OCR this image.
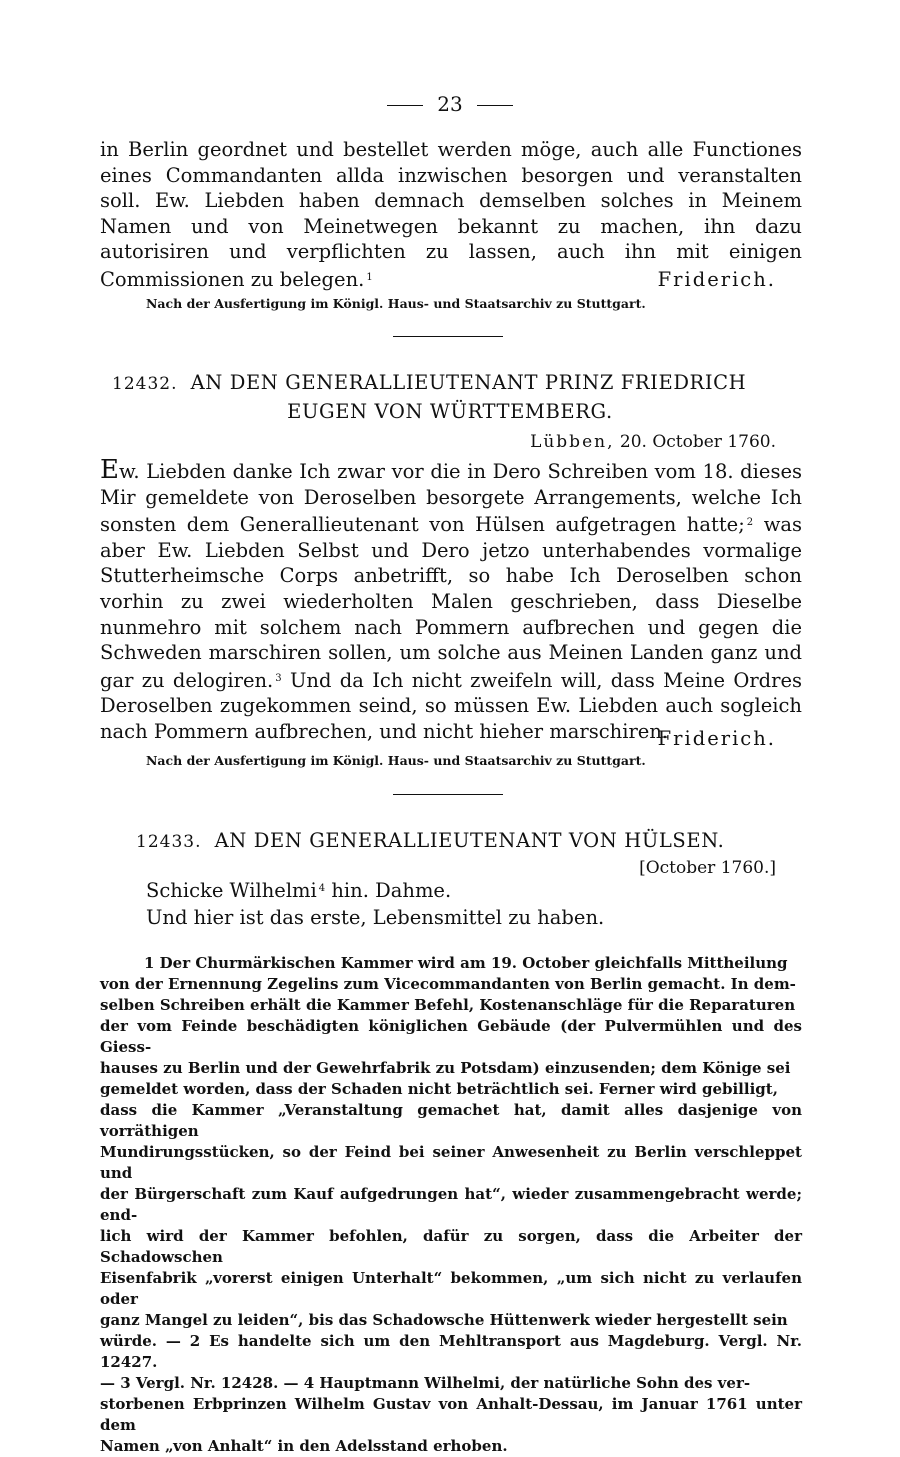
23
in Berlin geordnet und bestellet werden möge, auch alle Functiones eines Commandanten allda inzwischen besorgen und veranstalten soll. Ew. Liebden haben demnach demselben solches in Meinem Namen und von Meinetwegen bekannt zu machen, ihn dazu autorisiren und verpflichten zu lassen, auch ihn mit einigen Commissionen zu belegen. $^1$	Friderich.
Nach der Ausfertigung im Königl. Haus- und Staatsarchiv zu Stuttgart.
12432. AN DEN GENERALLIEUTENANT PRINZ FRIEDRICH
EUGEN VON WÜRTTEMBERG.
Lübben, 20. October 1760.
Ew. Liebden danke Ich zwar vor die in Dero Schreiben vom 18. dieses Mir gemeldete von Deroselben besorgete Arrangements, welche Ich sonsten dem Generallieutenant von Hülsen aufgetragen hatte; $^2$ was aber Ew. Liebden Selbst und Dero jetzo unterhabendes vormalige Stutterheimsche Corps anbetrifft, so habe Ich Deroselben schon vorhin zu zwei wiederholten Malen geschrieben, dass Dieselbe nunmehro mit solchem nach Pommern aufbrechen und gegen die Schweden marschiren sollen, um solche aus Meinen Landen ganz und gar zu delogiren. $^3$ Und da Ich nicht zweifeln will, dass Meine Ordres Deroselben zugekommen seind, so müssen Ew. Liebden auch sogleich nach Pommern aufbrechen, und nicht hieher marschiren.
Friderich.
Nach der Ausfertigung im Königl. Haus- und Staatsarchiv zu Stuttgart.
12433. AN DEN GENERALLIEUTENANT VON HÜLSEN.
[October 1760.]
Schicke Wilhelmi $^4$ hin. Dahme.
Und hier ist das erste, Lebensmittel zu haben.
1 Der Churmärkischen Kammer wird am 19. October gleichfalls Mittheilung
von der Ernennung Zegelins zum Vicecommandanten von Berlin gemacht. In dem-
selben Schreiben erhält die Kammer Befehl, Kostenanschläge für die Reparaturen
der vom Feinde beschädigten königlichen Gebäude (der Pulvermühlen und des Giess-
hauses zu Berlin und der Gewehrfabrik zu Potsdam) einzusenden; dem Könige sei
gemeldet worden, dass der Schaden nicht beträchtlich sei. Ferner wird gebilligt,
dass die Kammer „Veranstaltung gemachet hat, damit alles dasjenige von vorräthigen
Mundirungsstücken, so der Feind bei seiner Anwesenheit zu Berlin verschleppet und
der Bürgerschaft zum Kauf aufgedrungen hat“, wieder zusammengebracht werde; end-
lich wird der Kammer befohlen, dafür zu sorgen, dass die Arbeiter der Schadowschen
Eisenfabrik „vorerst einigen Unterhalt“ bekommen, „um sich nicht zu verlaufen oder
ganz Mangel zu leiden“, bis das Schadowsche Hüttenwerk wieder hergestellt sein
würde. — 2 Es handelte sich um den Mehltransport aus Magdeburg. Vergl. Nr. 12427.
— 3 Vergl. Nr. 12428. — 4 Hauptmann Wilhelmi, der natürliche Sohn des ver-
storbenen Erbprinzen Wilhelm Gustav von Anhalt-Dessau, im Januar 1761 unter dem
Namen „von Anhalt“ in den Adelsstand erhoben.
